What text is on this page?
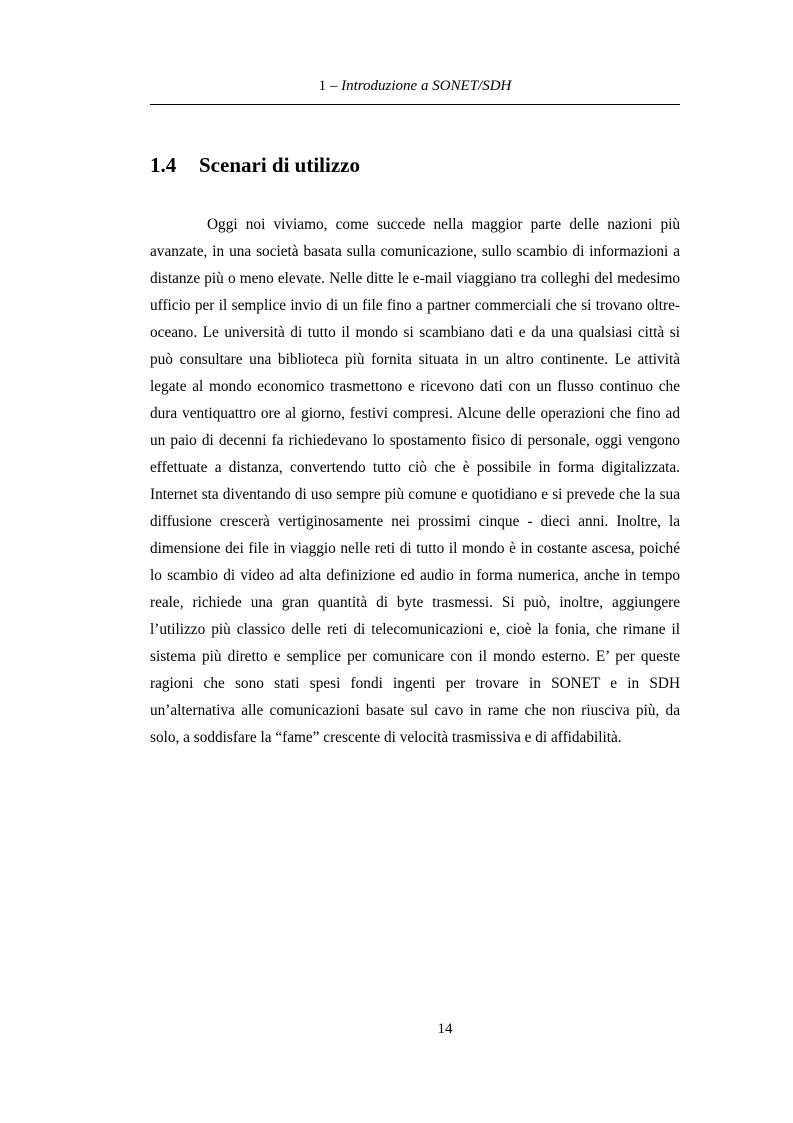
1 – Introduzione a SONET/SDH
1.4 Scenari di utilizzo

Oggi noi viviamo, come succede nella maggior parte delle nazioni più avanzate, in una società basata sulla comunicazione, sullo scambio di informazioni a distanze più o meno elevate. Nelle ditte le e-mail viaggiano tra colleghi del medesimo ufficio per il semplice invio di un file fino a partner commerciali che si trovano oltre-oceano. Le università di tutto il mondo si scambiano dati e da una qualsiasi città si può consultare una biblioteca più fornita situata in un altro continente. Le attività legate al mondo economico trasmettono e ricevono dati con un flusso continuo che dura ventiquattro ore al giorno, festivi compresi. Alcune delle operazioni che fino ad un paio di decenni fa richiedevano lo spostamento fisico di personale, oggi vengono effettuate a distanza, convertendo tutto ciò che è possibile in forma digitalizzata. Internet sta diventando di uso sempre più comune e quotidiano e si prevede che la sua diffusione crescerà vertiginosamente nei prossimi cinque - dieci anni. Inoltre, la dimensione dei file in viaggio nelle reti di tutto il mondo è in costante ascesa, poiché lo scambio di video ad alta definizione ed audio in forma numerica, anche in tempo reale, richiede una gran quantità di byte trasmessi. Si può, inoltre, aggiungere l’utilizzo più classico delle reti di telecomunicazioni e, cioè la fonia, che rimane il sistema più diretto e semplice per comunicare con il mondo esterno. E’ per queste ragioni che sono stati spesi fondi ingenti per trovare in SONET e in SDH un’alternativa alle comunicazioni basate sul cavo in rame che non riusciva più, da solo, a soddisfare la “fame” crescente di velocità trasmissiva e di affidabilità.

14
